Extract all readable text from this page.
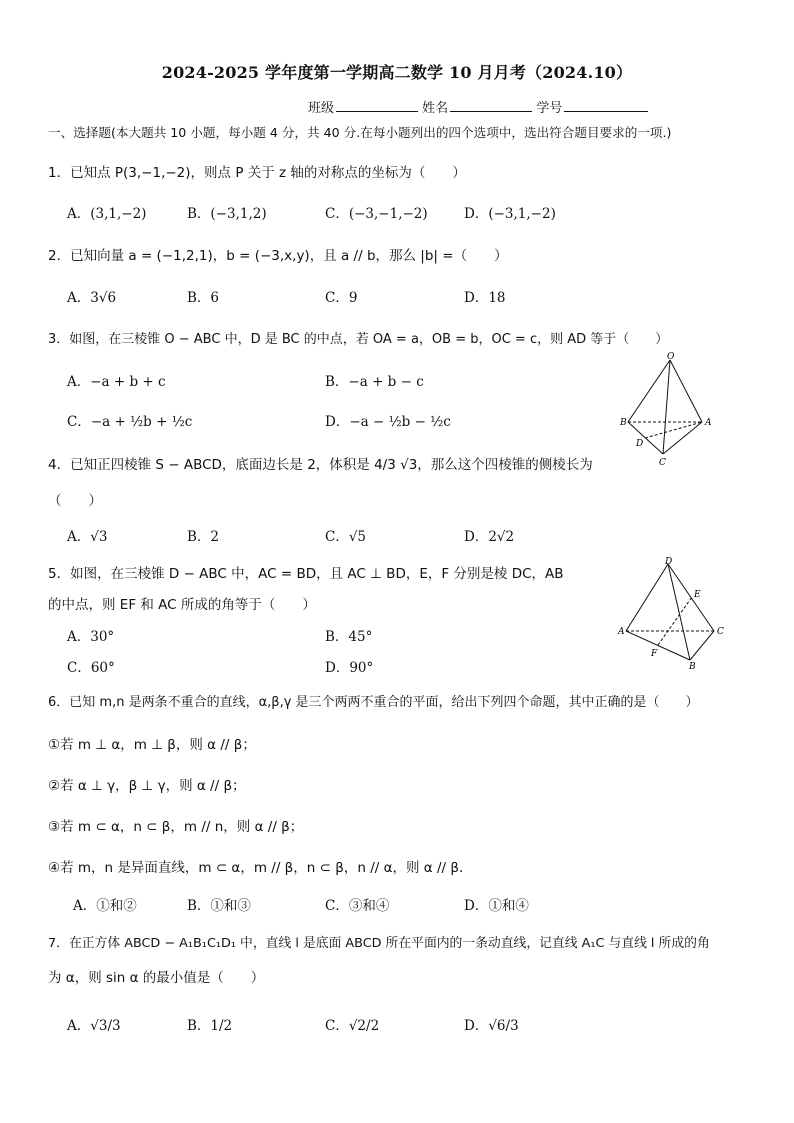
2024-2025 学年度第一学期高二数学 10 月月考（2024.10）
班级	姓名	学号
一、选择题(本大题共 10 小题，每小题 4 分，共 40 分.在每小题列出的四个选项中，选出符合题目要求的一项.)
1．已知点 P(3,−1,−2)，则点 P 关于 z 轴的对称点的坐标为（　　）
A．(3,1,−2)	B．(−3,1,2)	C．(−3,−1,−2)	D．(−3,1,−2)
2．已知向量 a = (−1,2,1)，b = (−3,x,y)，且 a // b，那么 |b| =（　　）
A．3√6	B．6	C．9	D．18
3．如图，在三棱锥 O − ABC 中，D 是 BC 的中点，若 OA = a，OB = b，OC = c，则 AD 等于（　　）
A．−a + b + c	B．−a + b − c
C．−a + ½b + ½c	D．−a − ½b − ½c
O
B	A
D
C
4．已知正四棱锥 S − ABCD，底面边长是 2，体积是 4/3 √3，那么这个四棱锥的侧棱长为
（　　）
A．√3	B．2	C．√5	D．2√2
5．如图，在三棱锥 D − ABC 中，AC = BD，且 AC ⊥ BD，E，F 分别是棱 DC，AB
的中点，则 EF 和 AC 所成的角等于（　　）
A．30°	B．45°
C．60°	D．90°
D
E
A	C
F
B
6．已知 m,n 是两条不重合的直线，α,β,γ 是三个两两不重合的平面，给出下列四个命题，其中正确的是（　　）
①若 m ⊥ α，m ⊥ β，则 α // β；
②若 α ⊥ γ，β ⊥ γ，则 α // β；
③若 m ⊂ α，n ⊂ β，m // n，则 α // β；
④若 m，n 是异面直线，m ⊂ α，m // β，n ⊂ β，n // α，则 α // β．
A．①和②	B．①和③	C．③和④	D．①和④
7．在正方体 ABCD − A₁B₁C₁D₁ 中，直线 l 是底面 ABCD 所在平面内的一条动直线，记直线 A₁C 与直线 l 所成的角
为 α，则 sin α 的最小值是（　　）
A．√3/3	B．1/2	C．√2/2	D．√6/3
